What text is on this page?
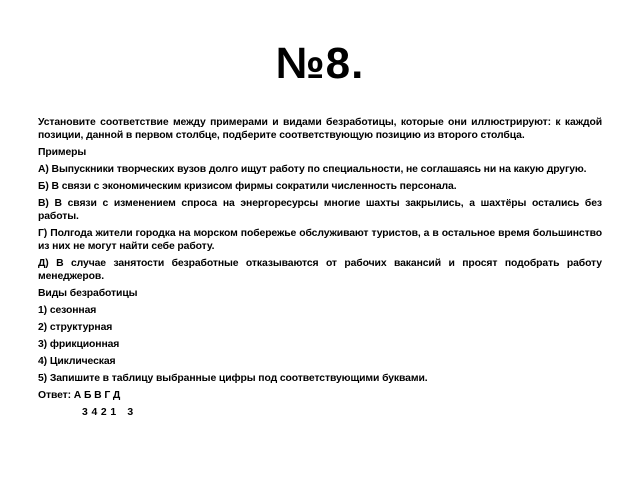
№8.

Установите соответствие между примерами и видами безработицы, которые они иллюстрируют: к каждой позиции, данной в первом столбце, подберите соответствующую позицию из второго столбца.

Примеры

А) Выпускники творческих вузов долго ищут работу по специальности, не соглашаясь ни на какую другую.

Б) В связи с экономическим кризисом фирмы сократили численность персонала.

В) В связи с изменением спроса на энергоресурсы многие шахты закрылись, а шахтёры остались без работы.

Г) Полгода жители городка на морском побережье обслуживают туристов, а в остальное время большинство из них не могут найти себе работу.

Д) В случае занятости безработные отказываются от рабочих вакансий и просят подобрать работу менеджеров.

Виды безработицы

1) сезонная

2) структурная

3) фрикционная

4) Циклическая

5) Запишите в таблицу выбранные цифры под соответствующими буквами.

Ответ: А Б В Г Д

3 4 2 1   3
